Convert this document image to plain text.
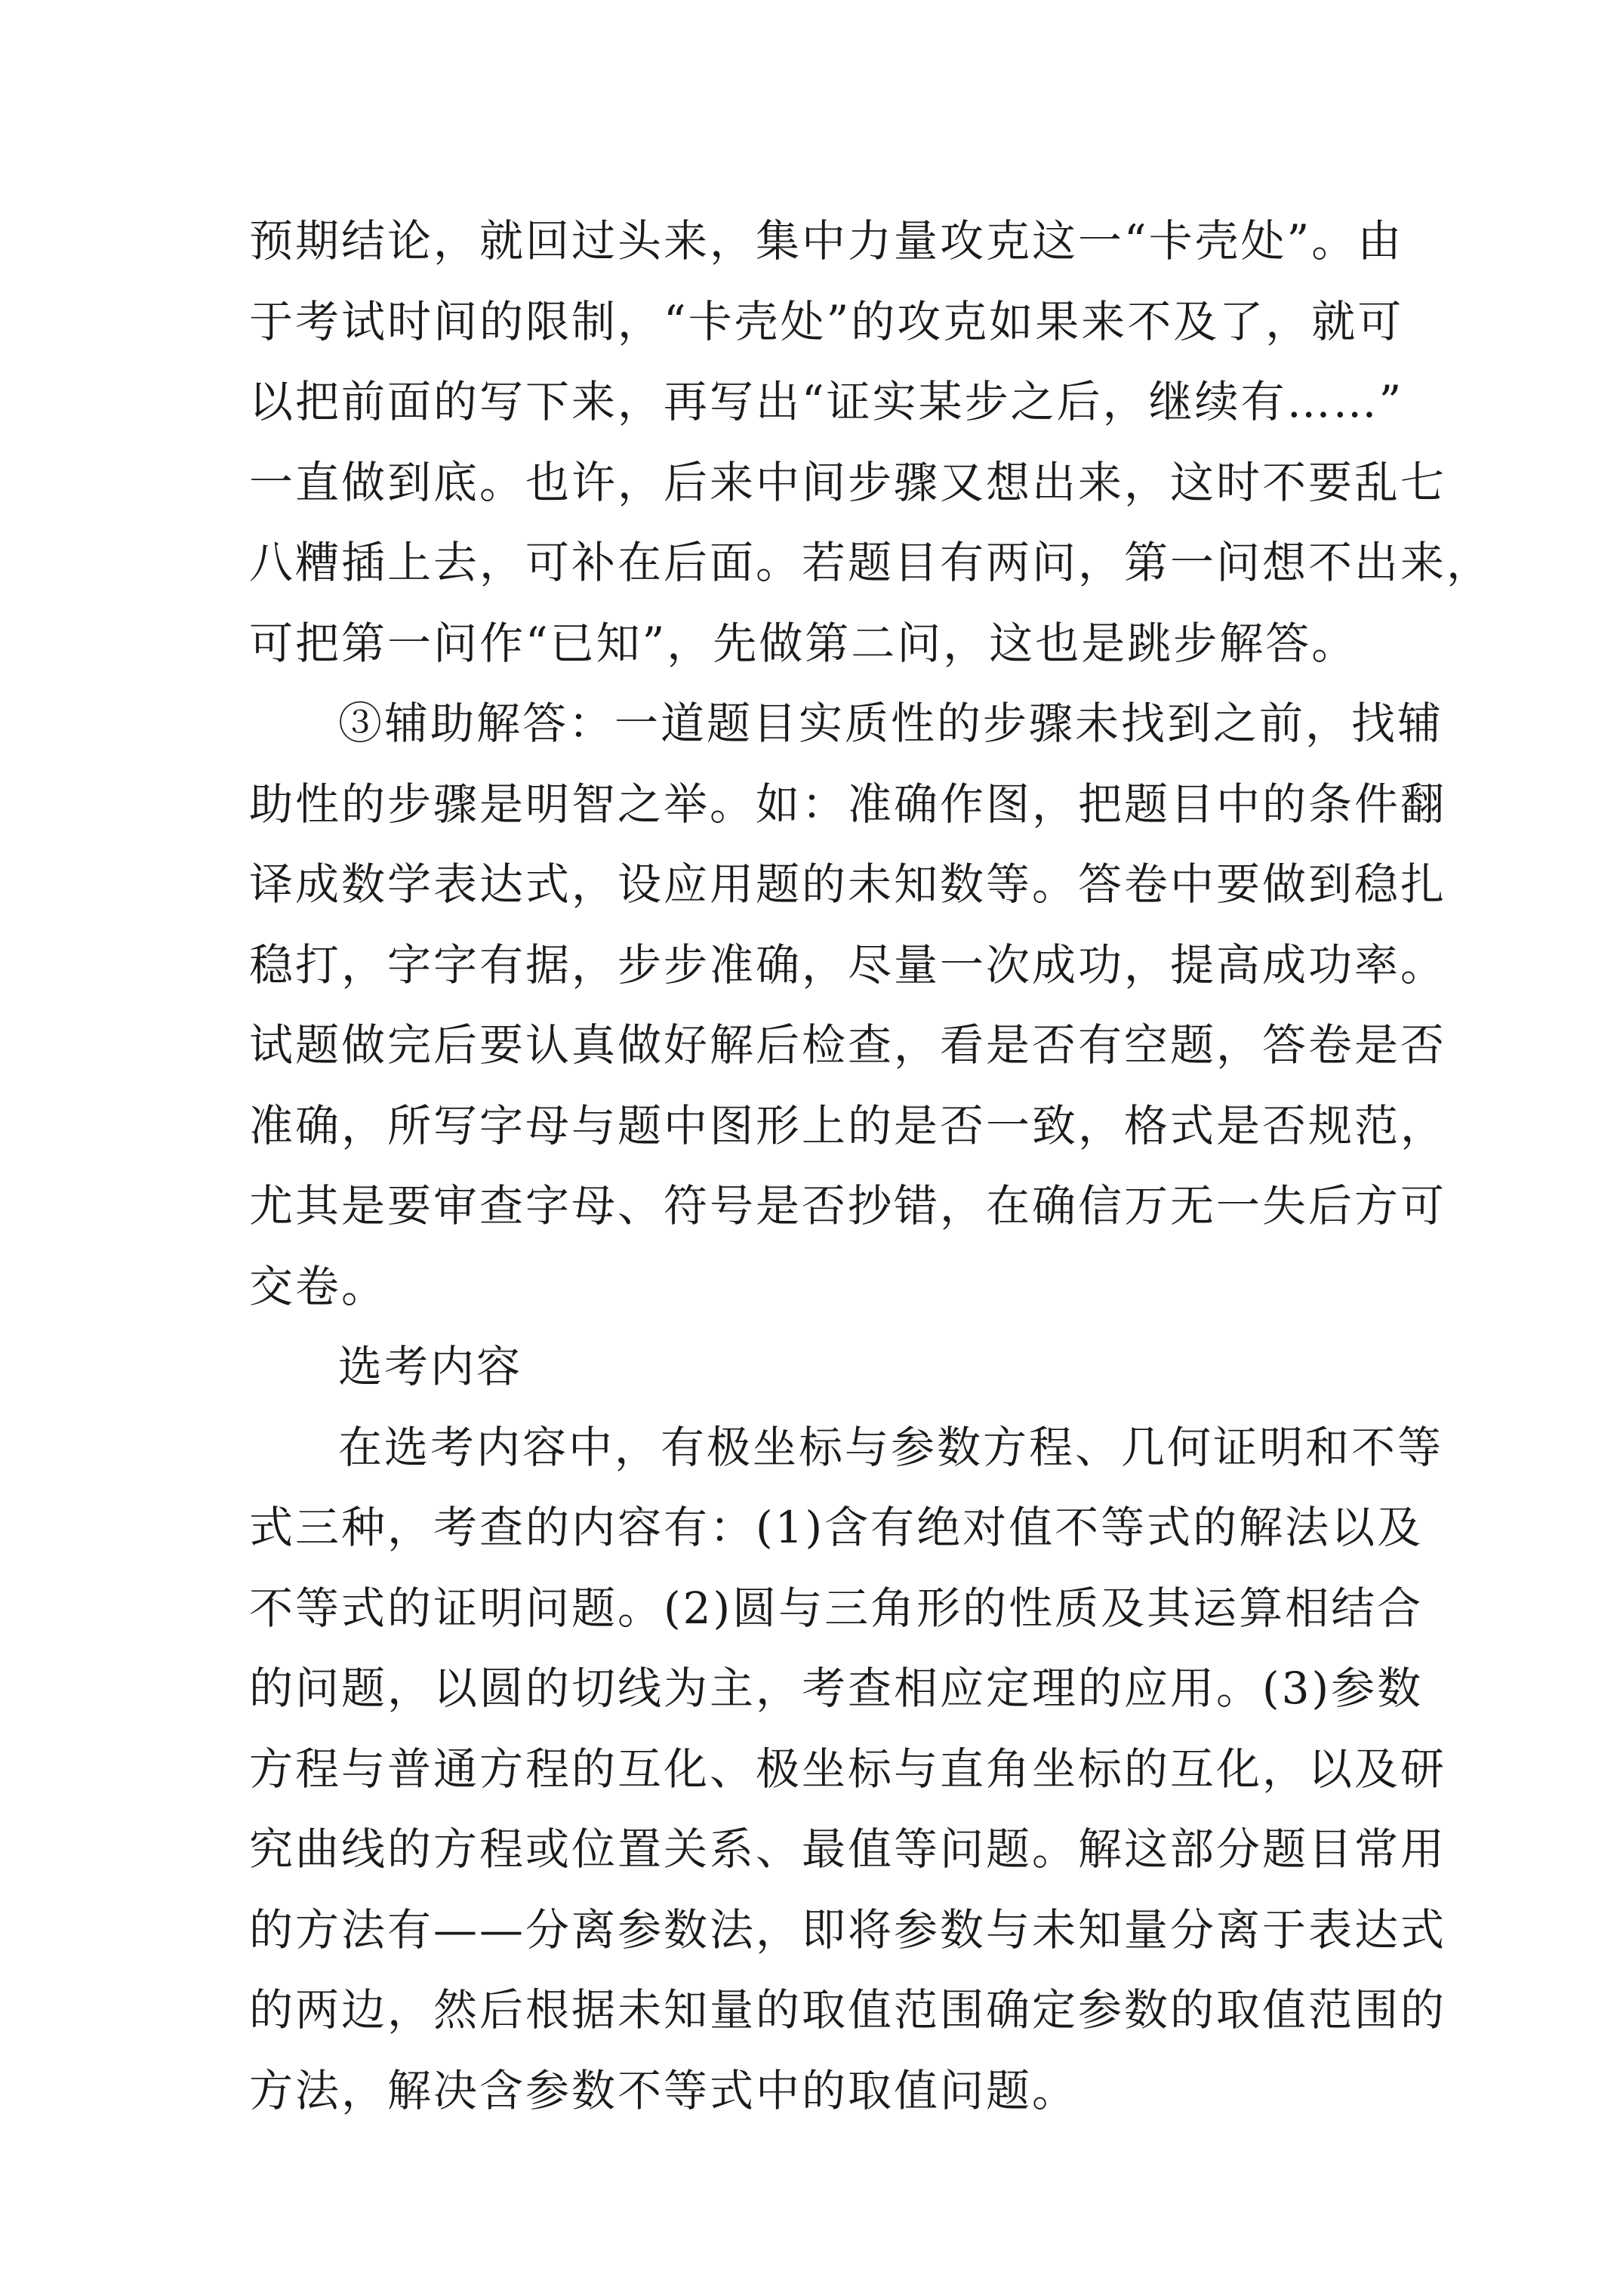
预期结论，就回过头来，集中力量攻克这一“卡壳处”。由
于考试时间的限制，“卡壳处”的攻克如果来不及了，就可
以把前面的写下来，再写出“证实某步之后，继续有……”
一直做到底。也许，后来中间步骤又想出来，这时不要乱七
八糟插上去，可补在后面。若题目有两问，第一问想不出来，
可把第一问作“已知”，先做第二问，这也是跳步解答。
③辅助解答：一道题目实质性的步骤未找到之前，找辅
助性的步骤是明智之举。如：准确作图，把题目中的条件翻
译成数学表达式，设应用题的未知数等。答卷中要做到稳扎
稳打，字字有据，步步准确，尽量一次成功，提高成功率。
试题做完后要认真做好解后检查，看是否有空题，答卷是否
准确，所写字母与题中图形上的是否一致，格式是否规范，
尤其是要审查字母、符号是否抄错，在确信万无一失后方可
交卷。
选考内容
在选考内容中，有极坐标与参数方程、几何证明和不等
式三种，考查的内容有：(1)含有绝对值不等式的解法以及
不等式的证明问题。(2)圆与三角形的性质及其运算相结合
的问题，以圆的切线为主，考查相应定理的应用。(3)参数
方程与普通方程的互化、极坐标与直角坐标的互化，以及研
究曲线的方程或位置关系、最值等问题。解这部分题目常用
的方法有——分离参数法，即将参数与未知量分离于表达式
的两边，然后根据未知量的取值范围确定参数的取值范围的
方法，解决含参数不等式中的取值问题。
